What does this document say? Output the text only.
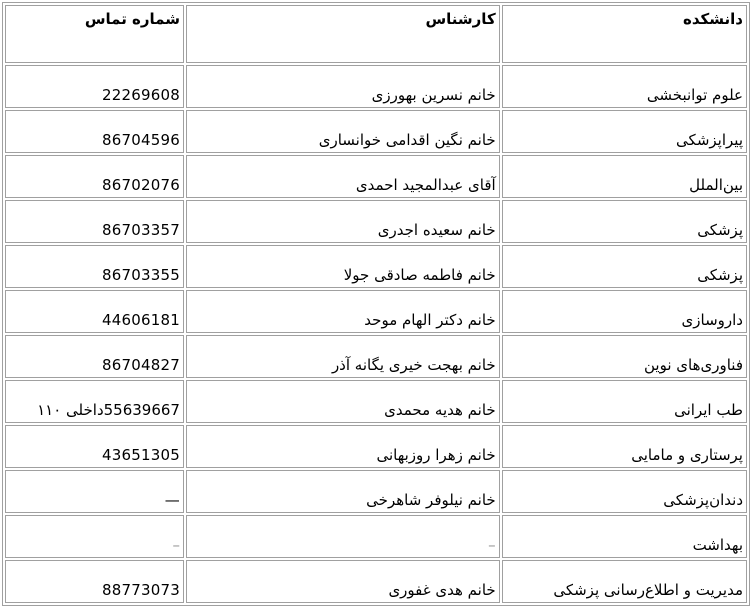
دانشکده	کارشناس	شماره تماس
علوم توانبخشی	خانم نسرین بهورزی	22269608
پیراپزشکی	خانم نگین اقدامی خوانساری	86704596
بین‌الملل	آقای عبدالمجید احمدی	86702076
پزشکی	خانم سعیده اجدری	86703357
پزشکی	خانم فاطمه صادقی جولا	86703355
داروسازی	خانم دکتر الهام موحد	44606181
فناوری‌های نوین	خانم بهجت خیری یگانه آذر	86704827
طب ایرانی	خانم هدیه محمدی	55639667داخلی ۱۱۰
پرستاری و مامایی	خانم زهرا روزبهانی	43651305
دندان‌پزشکی	خانم نیلوفر شاهرخی	—
بهداشت	–	–
مدیریت و اطلاع‌رسانی پزشکی	خانم هدی غفوری	88773073
